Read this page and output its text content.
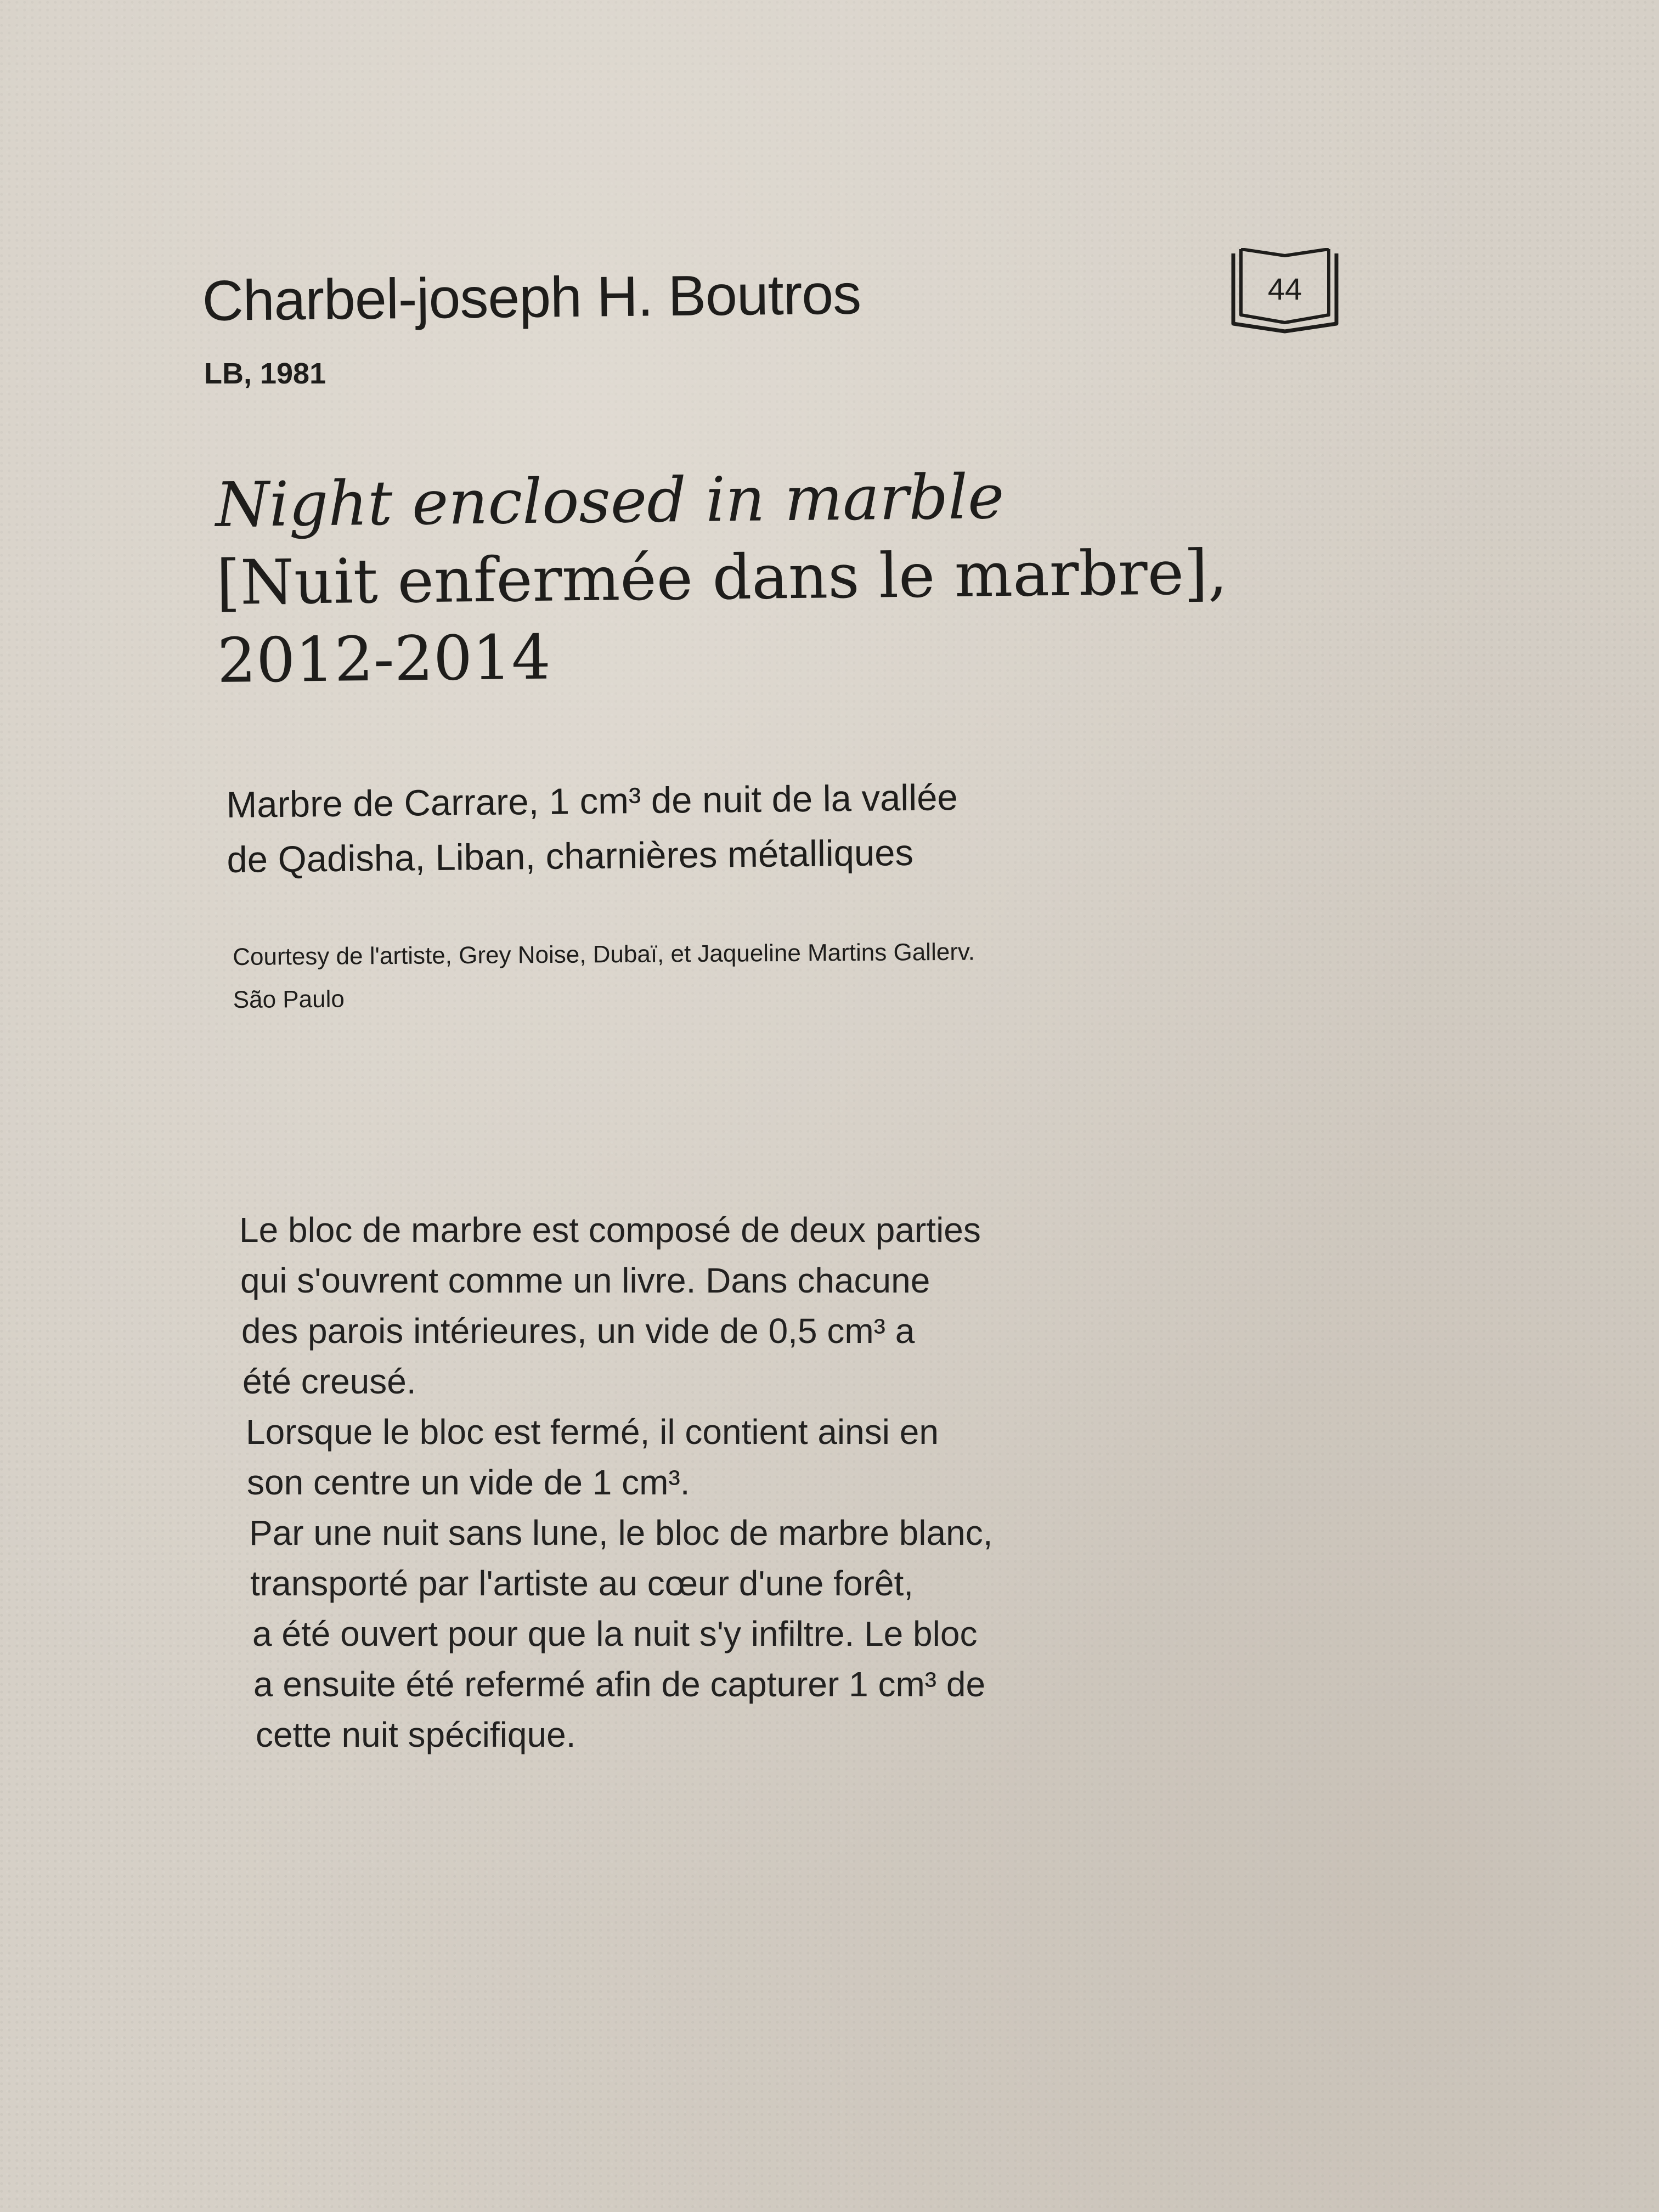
Charbel-joseph H. Boutros
LB, 1981
44
Night enclosed in marble
[Nuit enfermée dans le marbre],
2012-2014
Marbre de Carrare, 1 cm³ de nuit de la vallée
de Qadisha, Liban, charnières métalliques
Courtesy de l'artiste, Grey Noise, Dubaï, et Jaqueline Martins Gallerv.
São Paulo
Le bloc de marbre est composé de deux parties
qui s'ouvrent comme un livre. Dans chacune
des parois intérieures, un vide de 0,5 cm³ a
été creusé.
Lorsque le bloc est fermé, il contient ainsi en
son centre un vide de 1 cm³.
Par une nuit sans lune, le bloc de marbre blanc,
transporté par l'artiste au cœur d'une forêt,
a été ouvert pour que la nuit s'y infiltre. Le bloc
a ensuite été refermé afin de capturer 1 cm³ de
cette nuit spécifique.
